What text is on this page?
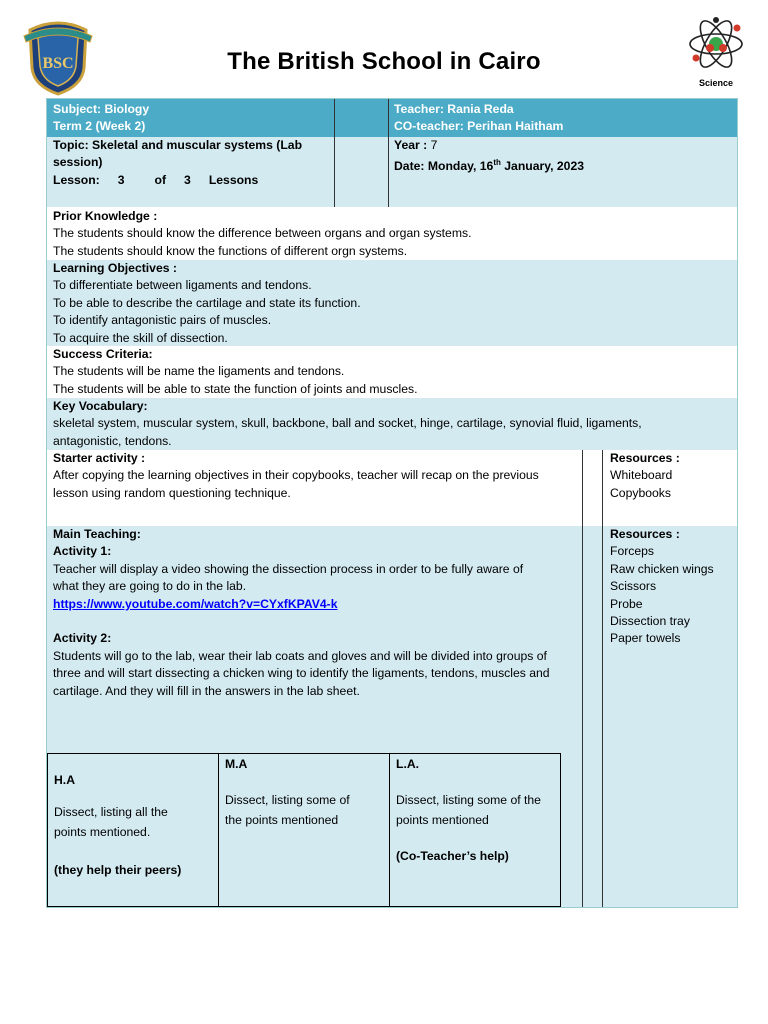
BSC
Science
The British School in Cairo
Subject: Biology
Term 2 (Week 2)
Teacher: Rania Reda
CO-teacher: Perihan Haitham
Topic: Skeletal and muscular systems (Lab
session)
Lesson: 3 of 3 Lessons
Year : 7
Date: Monday, 16th January, 2023
Prior Knowledge :
The students should know the difference between organs and organ systems.
The students should know the functions of different orgn systems.
Learning Objectives :
To differentiate between ligaments and tendons.
To be able to describe the cartilage and state its function.
To identify antagonistic pairs of muscles.
To acquire the skill of dissection.
Success Criteria:
The students will be name the ligaments and tendons.
The students will be able to state the function of joints and muscles.
Key Vocabulary:
skeletal system, muscular system, skull, backbone, ball and socket, hinge, cartilage, synovial fluid, ligaments,
antagonistic, tendons.
Starter activity :
After copying the learning objectives in their copybooks, teacher will recap on the previous
lesson using random questioning technique.
Resources :
Whiteboard
Copybooks
Main Teaching:
Activity 1:
Teacher will display a video showing the dissection process in order to be fully aware of
what they are going to do in the lab.
https://www.youtube.com/watch?v=CYxfKPAV4-k
Activity 2:
Students will go to the lab, wear their lab coats and gloves and will be divided into groups of
three and will start dissecting a chicken wing to identify the ligaments, tendons, muscles and
cartilage. And they will fill in the answers in the lab sheet.
Resources :
Forceps
Raw chicken wings
Scissors
Probe
Dissection tray
Paper towels
H.A
Dissect, listing all the
points mentioned.
(they help their peers)

M.A
Dissect, listing some of
the points mentioned

L.A.
Dissect, listing some of the
points mentioned
(Co-Teacher’s help)
